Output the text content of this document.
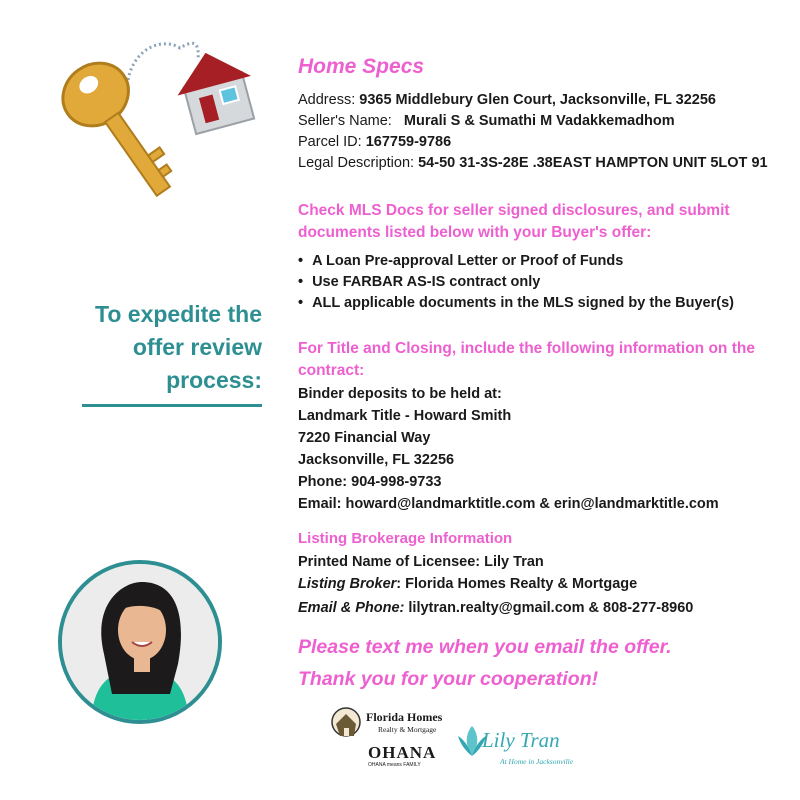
To expedite the
offer review
process:
Home Specs
Address: 9365 Middlebury Glen Court, Jacksonville, FL 32256
Seller's Name: Murali S & Sumathi M Vadakkemadhom
Parcel ID: 167759-9786
Legal Description: 54-50 31-3S-28E .38EAST HAMPTON UNIT 5LOT 91
Check MLS Docs for seller signed disclosures, and submit documents listed below with your Buyer's offer:
• A Loan Pre-approval Letter or Proof of Funds
• Use FARBAR AS-IS contract only
• ALL applicable documents in the MLS signed by the Buyer(s)
For Title and Closing, include the following information on the contract:
Binder deposits to be held at:
Landmark Title - Howard Smith
7220 Financial Way
Jacksonville, FL 32256
Phone: 904-998-9733
Email: howard@landmarktitle.com & erin@landmarktitle.com
Listing Brokerage Information
Printed Name of Licensee: Lily Tran
Listing Broker: Florida Homes Realty & Mortgage
Email & Phone: lilytran.realty@gmail.com & 808-277-8960
Please text me when you email the offer.
Thank you for your cooperation!
Florida Homes
Realty & Mortgage
OHANA
OHANA means FAMILY
Lily Tran
At Home in Jacksonville
